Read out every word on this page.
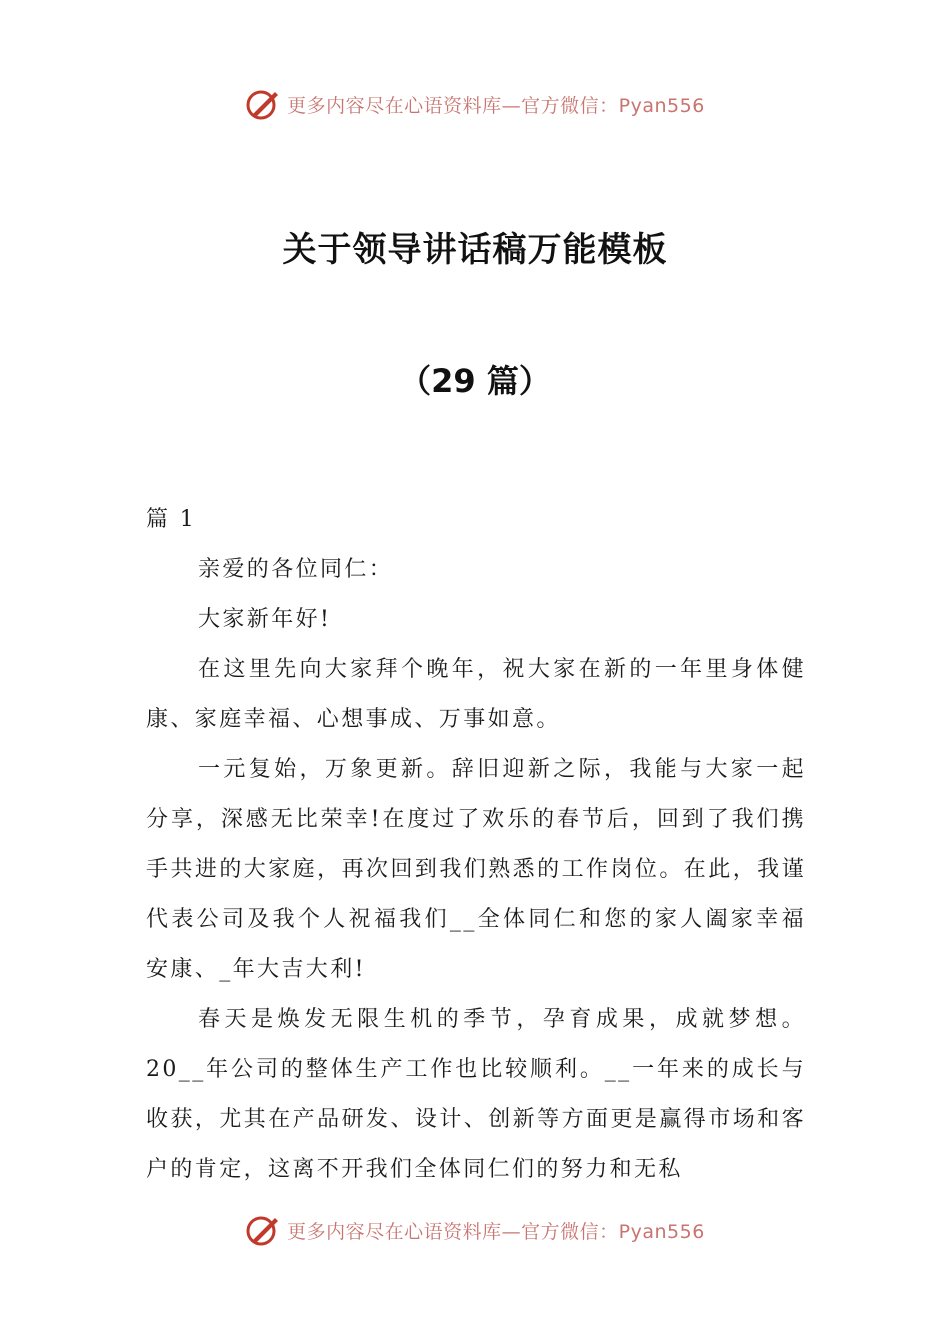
更多内容尽在心语资料库—官方微信：Pyan556
关于领导讲话稿万能模板
（29 篇）

篇 1

亲爱的各位同仁：

大家新年好!

在这里先向大家拜个晚年，祝大家在新的一年里身体健康、家庭幸福、心想事成、万事如意。

一元复始，万象更新。辞旧迎新之际，我能与大家一起分享，深感无比荣幸!在度过了欢乐的春节后，回到了我们携手共进的大家庭，再次回到我们熟悉的工作岗位。在此，我谨代表公司及我个人祝福我们__全体同仁和您的家人阖家幸福安康、_年大吉大利!

春天是焕发无限生机的季节，孕育成果，成就梦想。20__年公司的整体生产工作也比较顺利。__一年来的成长与收获，尤其在产品研发、设计、创新等方面更是赢得市场和客户的肯定，这离不开我们全体同仁们的努力和无私

更多内容尽在心语资料库—官方微信：Pyan556
